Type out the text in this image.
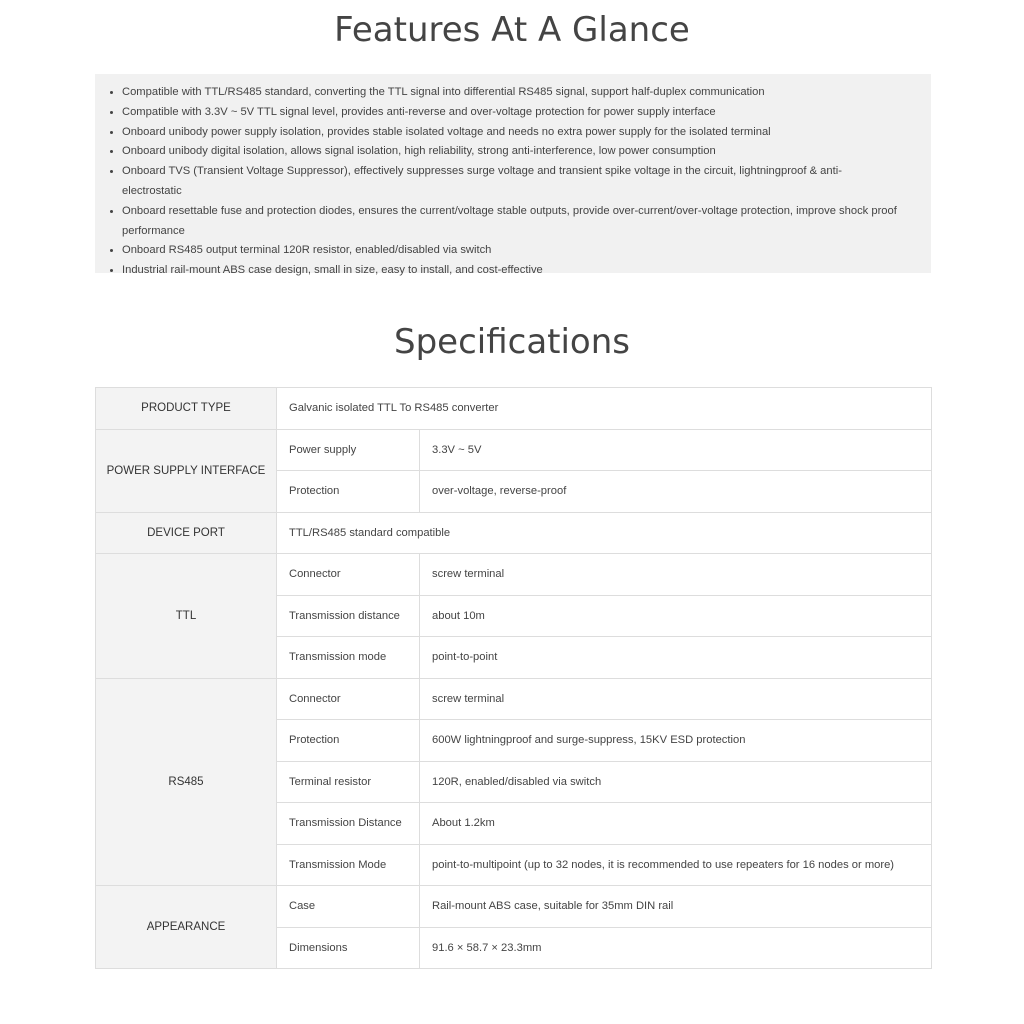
Features At A Glance
• Compatible with TTL/RS485 standard, converting the TTL signal into differential RS485 signal, support half-duplex communication
• Compatible with 3.3V ~ 5V TTL signal level, provides anti-reverse and over-voltage protection for power supply interface
• Onboard unibody power supply isolation, provides stable isolated voltage and needs no extra power supply for the isolated terminal
• Onboard unibody digital isolation, allows signal isolation, high reliability, strong anti-interference, low power consumption
• Onboard TVS (Transient Voltage Suppressor), effectively suppresses surge voltage and transient spike voltage in the circuit, lightningproof & anti-electrostatic
• Onboard resettable fuse and protection diodes, ensures the current/voltage stable outputs, provide over-current/over-voltage protection, improve shock proof performance
• Onboard RS485 output terminal 120R resistor, enabled/disabled via switch
• Industrial rail-mount ABS case design, small in size, easy to install, and cost-effective
Specifications
PRODUCT TYPE	Galvanic isolated TTL To RS485 converter	
POWER SUPPLY INTERFACE	Power supply	3.3V ~ 5V
	Protection	over-voltage, reverse-proof
DEVICE PORT	TTL/RS485 standard compatible	
TTL	Connector	screw terminal
	Transmission distance	about 10m
	Transmission mode	point-to-point
RS485	Connector	screw terminal
	Protection	600W lightningproof and surge-suppress, 15KV ESD protection
	Terminal resistor	120R, enabled/disabled via switch
	Transmission Distance	About 1.2km
	Transmission Mode	point-to-multipoint (up to 32 nodes, it is recommended to use repeaters for 16 nodes or more)
APPEARANCE	Case	Rail-mount ABS case, suitable for 35mm DIN rail
	Dimensions	91.6 × 58.7 × 23.3mm
